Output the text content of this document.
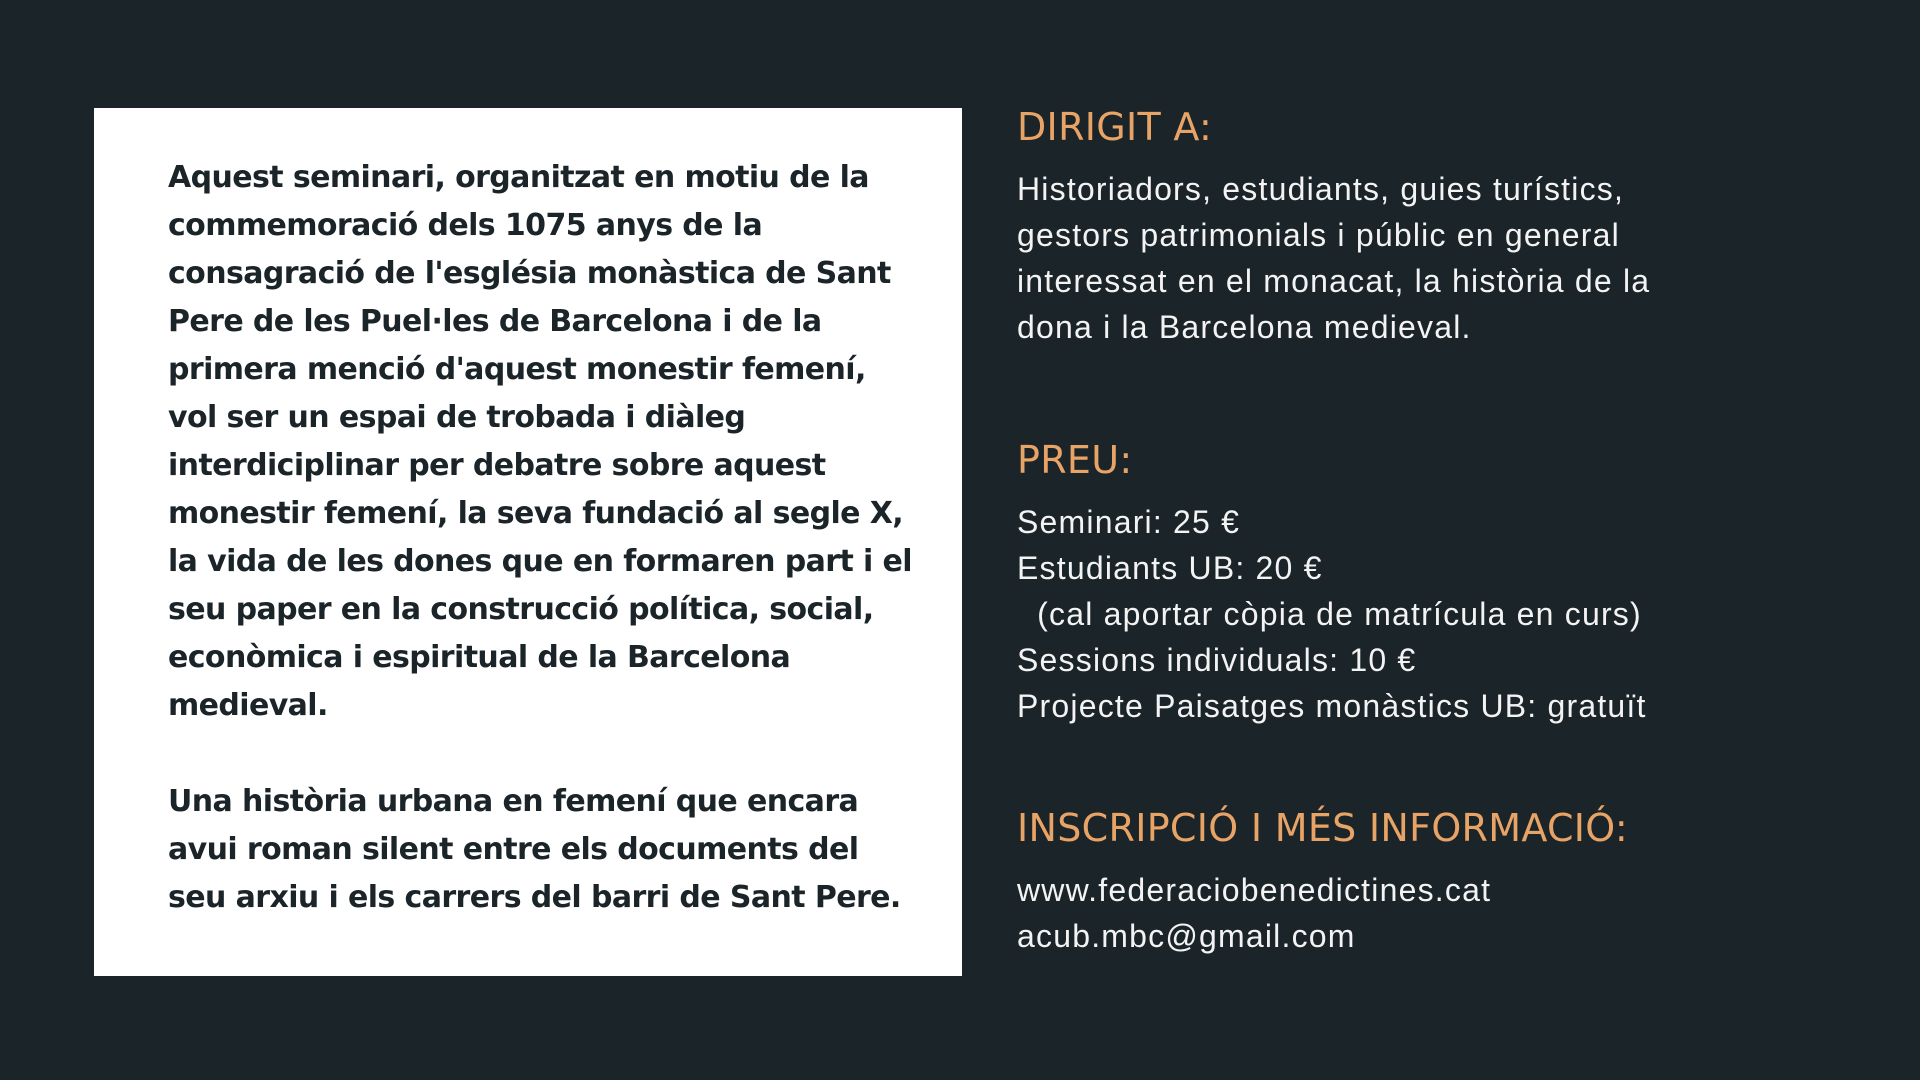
Aquest seminari, organitzat en motiu de la commemoració dels 1075 anys de la consagració de l'església monàstica de Sant Pere de les Puel·les de Barcelona i de la primera menció d'aquest monestir femení, vol ser un espai de trobada i diàleg interdiciplinar per debatre sobre aquest monestir femení, la seva fundació al segle X, la vida de les dones que en formaren part i el seu paper en la construcció política, social, econòmica i espiritual de la Barcelona medieval.

Una història urbana en femení que encara avui roman silent entre els documents del seu arxiu i els carrers del barri de Sant Pere.

DIRIGIT A:

Historiadors, estudiants, guies turístics,
gestors patrimonials i públic en general
interessat en el monacat, la història de la
dona i la Barcelona medieval.

PREU:

Seminari: 25 €
Estudiants UB: 20 €
(cal aportar còpia de matrícula en curs)
Sessions individuals: 10 €
Projecte Paisatges monàstics UB: gratuït

INSCRIPCIÓ I MÉS INFORMACIÓ:

www.federaciobenedictines.cat
acub.mbc@gmail.com
